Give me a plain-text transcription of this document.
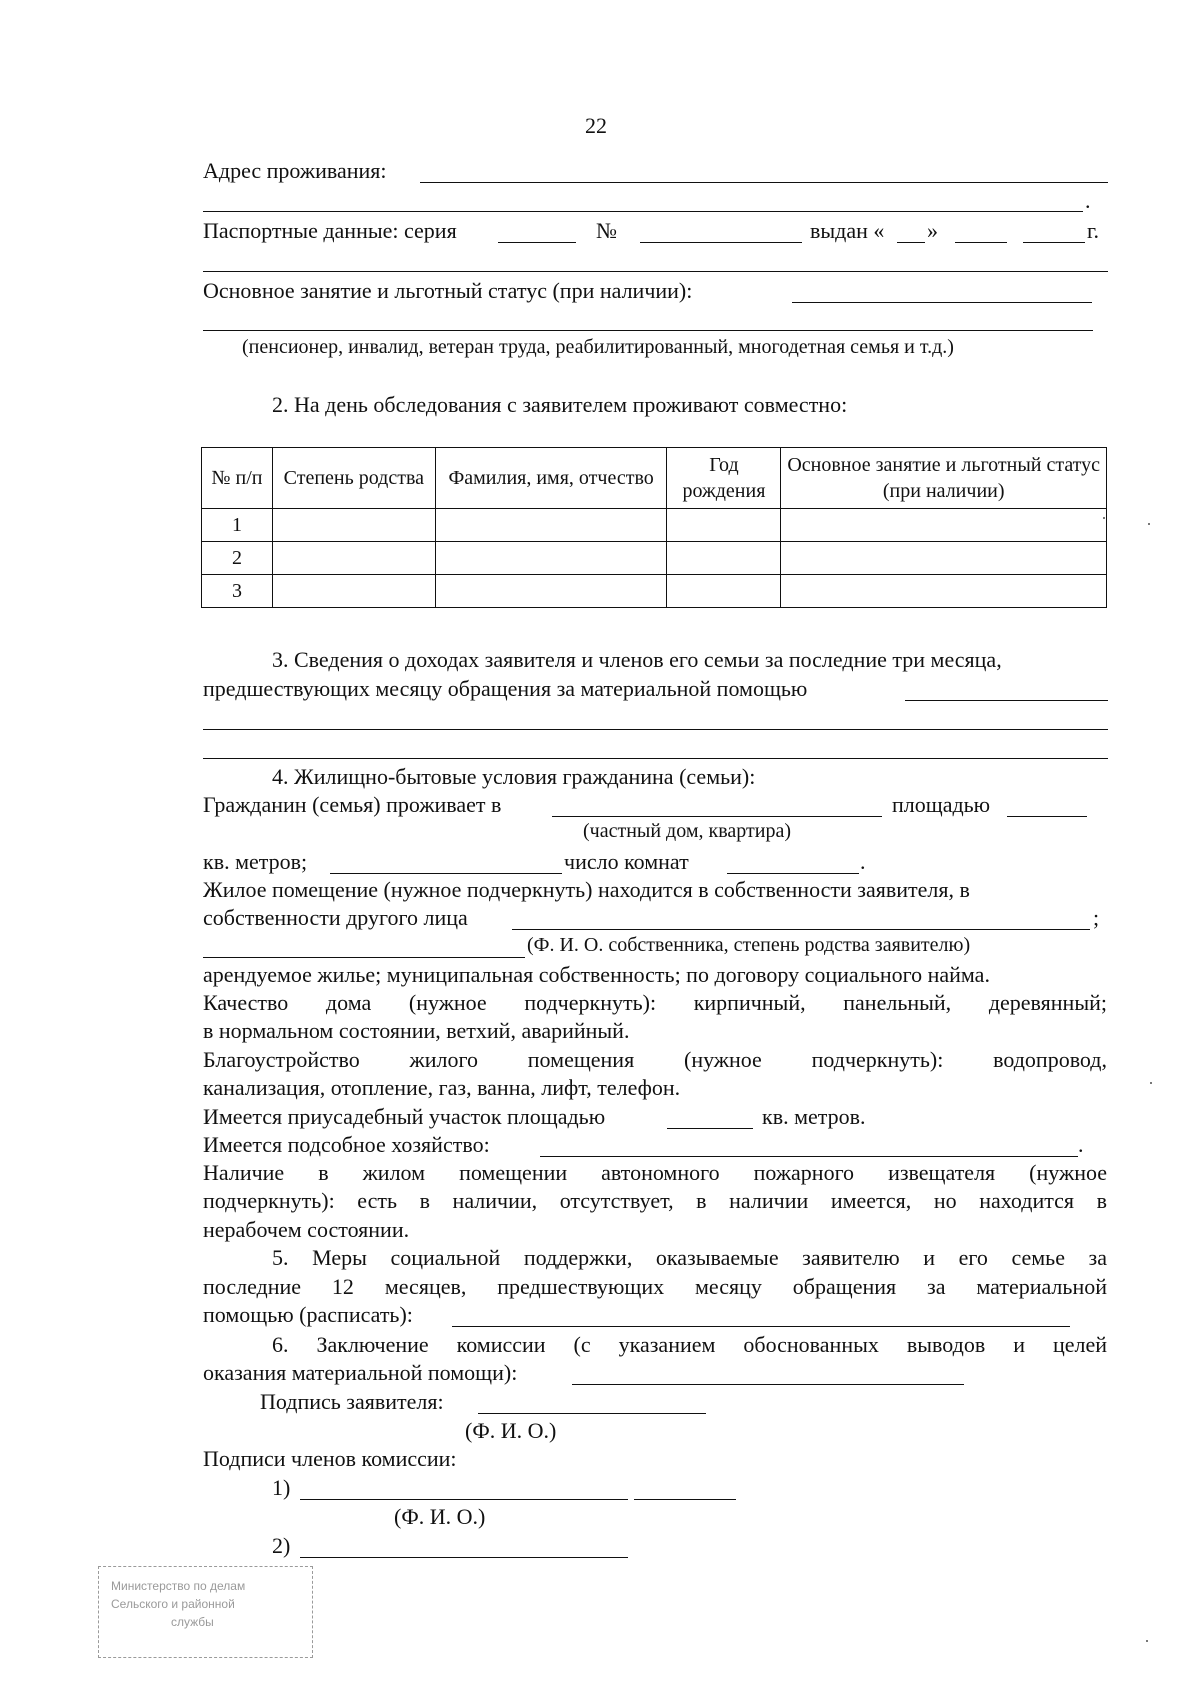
22
Адрес проживания:
.
Паспортные данные: серия	№	выдан « »	г.
Основное занятие и льготный статус (при наличии):
(пенсионер, инвалид, ветеран труда, реабилитированный, многодетная семья и т.д.)
2. На день обследования с заявителем проживают совместно:
№ п/п	Степень родства	Фамилия, имя, отчество	Год рождения	Основное занятие и льготный статус (при наличии)
1				
2				
3				
3. Сведения о доходах заявителя и членов его семьи за последние три месяца,
предшествующих месяцу обращения за материальной помощью
4. Жилищно-бытовые условия гражданина (семьи):
Гражданин (семья) проживает в	площадью
(частный дом, квартира)
кв. метров;	число комнат	.
Жилое помещение (нужное подчеркнуть) находится в собственности заявителя, в
собственности другого лица	;
(Ф. И. О. собственника, степень родства заявителю)
арендуемое жилье; муниципальная собственность; по договору социального найма.
Качество дома (нужное подчеркнуть): кирпичный, панельный, деревянный;
в нормальном состоянии, ветхий, аварийный.
Благоустройство жилого помещения (нужное подчеркнуть): водопровод,
канализация, отопление, газ, ванна, лифт, телефон.
Имеется приусадебный участок площадью	кв. метров.
Имеется подсобное хозяйство:	.
Наличие в жилом помещении автономного пожарного извещателя (нужное
подчеркнуть): есть в наличии, отсутствует, в наличии имеется, но находится в
нерабочем состоянии.
5. Меры социальной поддержки, оказываемые заявителю и его семье за
последние 12 месяцев, предшествующих месяцу обращения за материальной
помощью (расписать):
6. Заключение комиссии (с указанием обоснованных выводов и целей
оказания материальной помощи):
Подпись заявителя:
(Ф. И. О.)
Подписи членов комиссии:
1)
(Ф. И. О.)
2)
Министерство по делам
Сельского и районной
службы
